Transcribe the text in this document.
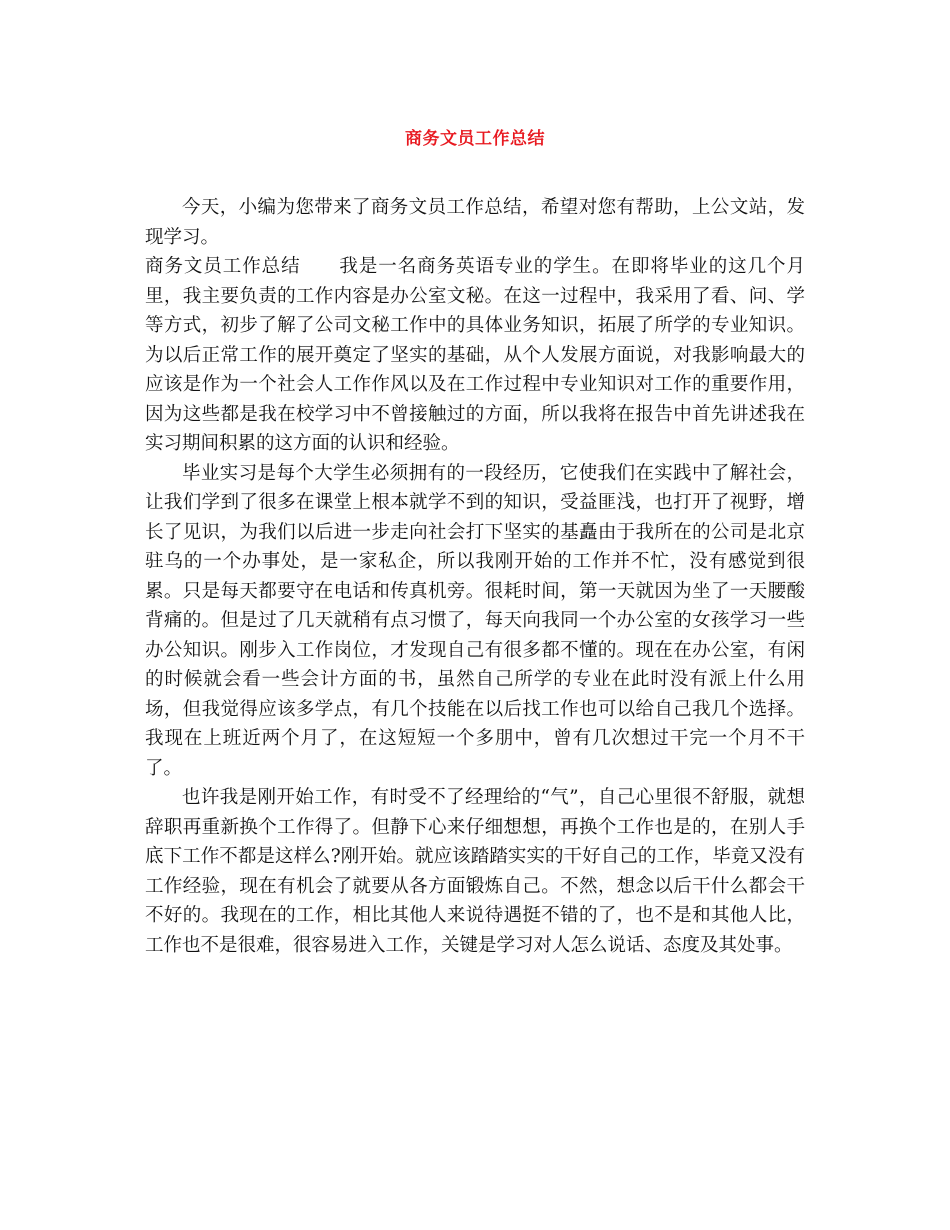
商务文员工作总结

今天，小编为您带来了商务文员工作总结，希望对您有帮助，上公文站，发现学习。

商务文员工作总结　　我是一名商务英语专业的学生。在即将毕业的这几个月里，我主要负责的工作内容是办公室文秘。在这一过程中，我采用了看、问、学等方式，初步了解了公司文秘工作中的具体业务知识，拓展了所学的专业知识。为以后正常工作的展开奠定了坚实的基础，从个人发展方面说，对我影响最大的应该是作为一个社会人工作作风以及在工作过程中专业知识对工作的重要作用，因为这些都是我在校学习中不曾接触过的方面，所以我将在报告中首先讲述我在实习期间积累的这方面的认识和经验。

毕业实习是每个大学生必须拥有的一段经历，它使我们在实践中了解社会，让我们学到了很多在课堂上根本就学不到的知识，受益匪浅，也打开了视野，增长了见识，为我们以后进一步走向社会打下坚实的基矗由于我所在的公司是北京驻乌的一个办事处，是一家私企，所以我刚开始的工作并不忙，没有感觉到很累。只是每天都要守在电话和传真机旁。很耗时间，第一天就因为坐了一天腰酸背痛的。但是过了几天就稍有点习惯了，每天向我同一个办公室的女孩学习一些办公知识。刚步入工作岗位，才发现自己有很多都不懂的。现在在办公室，有闲的时候就会看一些会计方面的书，虽然自己所学的专业在此时没有派上什么用场，但我觉得应该多学点，有几个技能在以后找工作也可以给自己我几个选择。我现在上班近两个月了，在这短短一个多朋中，曾有几次想过干完一个月不干了。

也许我是刚开始工作，有时受不了经理给的“气”，自己心里很不舒服，就想辞职再重新换个工作得了。但静下心来仔细想想，再换个工作也是的，在别人手底下工作不都是这样么?刚开始。就应该踏踏实实的干好自己的工作，毕竟又没有工作经验，现在有机会了就要从各方面锻炼自己。不然，想念以后干什么都会干不好的。我现在的工作，相比其他人来说待遇挺不错的了，也不是和其他人比，工作也不是很难，很容易进入工作，关键是学习对人怎么说话、态度及其处事。
